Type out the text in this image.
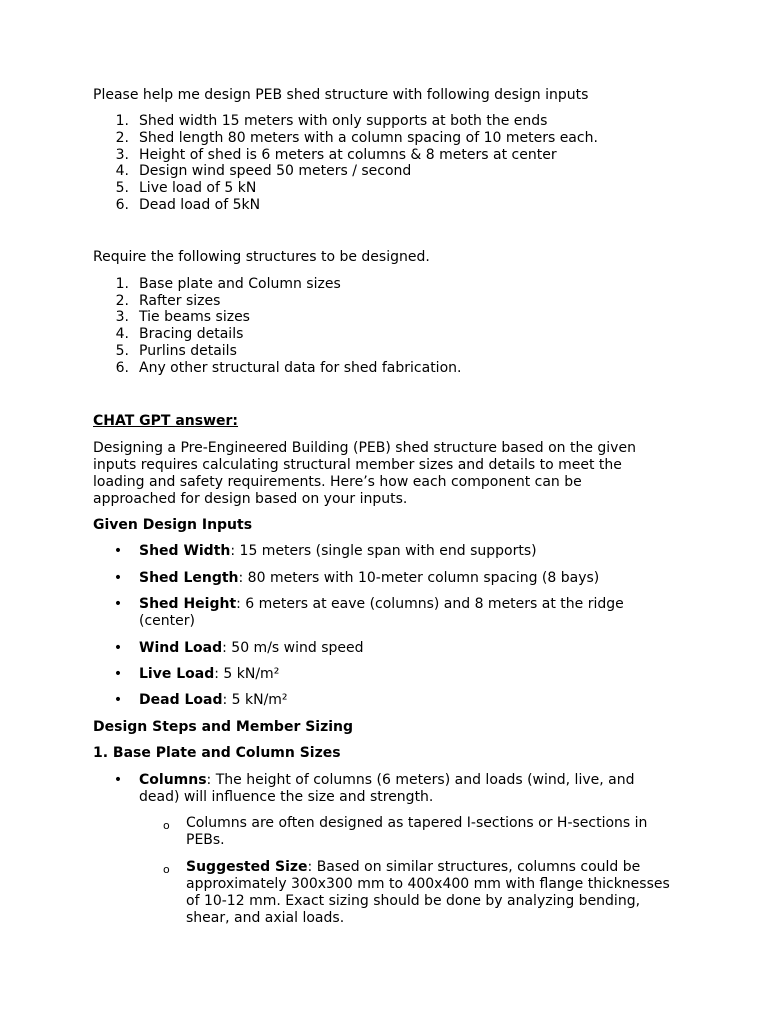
Please help me design PEB shed structure with following design inputs

1. Shed width 15 meters with only supports at both the ends
2. Shed length 80 meters with a column spacing of 10 meters each.
3. Height of shed is 6 meters at columns & 8 meters at center
4. Design wind speed 50 meters / second
5. Live load of 5 kN
6. Dead load of 5kN

Require the following structures to be designed.

1. Base plate and Column sizes
2. Rafter sizes
3. Tie beams sizes
4. Bracing details
5. Purlins details
6. Any other structural data for shed fabrication.

CHAT GPT answer:

Designing a Pre-Engineered Building (PEB) shed structure based on the given inputs requires calculating structural member sizes and details to meet the loading and safety requirements. Here’s how each component can be approached for design based on your inputs.

Given Design Inputs

• Shed Width: 15 meters (single span with end supports)
• Shed Length: 80 meters with 10-meter column spacing (8 bays)
• Shed Height: 6 meters at eave (columns) and 8 meters at the ridge (center)
• Wind Load: 50 m/s wind speed
• Live Load: 5 kN/m²
• Dead Load: 5 kN/m²

Design Steps and Member Sizing

1. Base Plate and Column Sizes

• Columns: The height of columns (6 meters) and loads (wind, live, and dead) will influence the size and strength.
o Columns are often designed as tapered I-sections or H-sections in PEBs.
o Suggested Size: Based on similar structures, columns could be approximately 300x300 mm to 400x400 mm with flange thicknesses of 10-12 mm. Exact sizing should be done by analyzing bending, shear, and axial loads.
